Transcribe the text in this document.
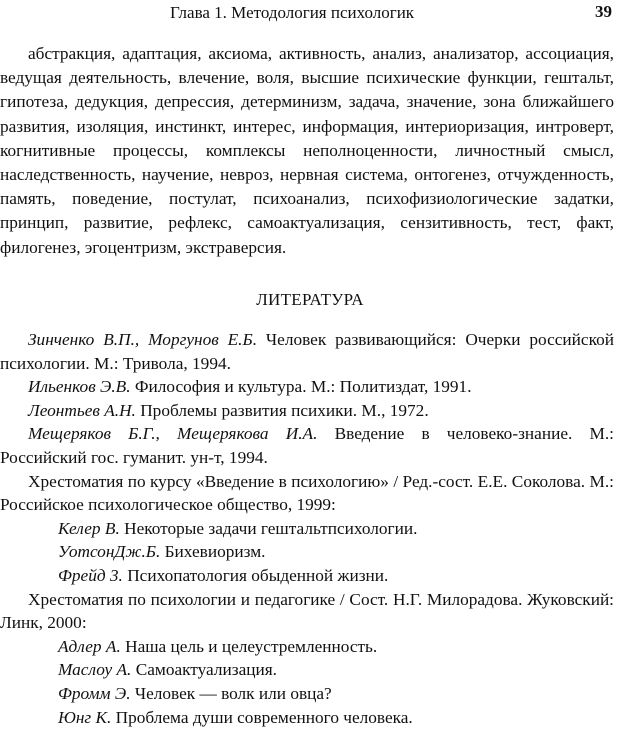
Глава 1. Методология психологик	39

абстракция, адаптация, аксиома, активность, анализ, анализатор, ассоциация, ведущая деятельность, влечение, воля, высшие психические функции, гештальт, гипотеза, дедукция, депрессия, детерминизм, задача, значение, зона ближайшего развития, изоляция, инстинкт, интерес, информация, интериоризация, интроверт, когнитивные процессы, комплексы неполноценности, личностный смысл, наследственность, научение, невроз, нервная система, онтогенез, отчужденность, память, поведение, постулат, психоанализ, психофизиологические задатки, принцип, развитие, рефлекс, самоактуализация, сензитивность, тест, факт, филогенез, эгоцентризм, экстраверсия.

ЛИТЕРАТУРА
Зинченко В.П., Моргунов Е.Б. Человек развивающийся: Очерки российской психологии. М.: Тривола, 1994.
Ильенков Э.В. Философия и культура. М.: Политиздат, 1991.
Леонтьев А.Н. Проблемы развития психики. М., 1972.
Мещеряков Б.Г., Мещерякова И.А. Введение в человеко-знание. М.: Российский гос. гуманит. ун-т, 1994.
Хрестоматия по курсу «Введение в психологию» / Ред.-сост. Е.Е. Соколова. М.: Российское психологическое общество, 1999:
Келер В. Некоторые задачи гештальтпсихологии.
УотсонДж.Б. Бихевиоризм.
Фрейд 3. Психопатология обыденной жизни.
Хрестоматия по психологии и педагогике / Сост. Н.Г. Милорадова. Жуковский: Линк, 2000:
Адлер А. Наша цель и целеустремленность.
Маслоу А. Самоактуализация.
Фромм Э. Человек — волк или овца?
Юнг К. Проблема души современного человека.
